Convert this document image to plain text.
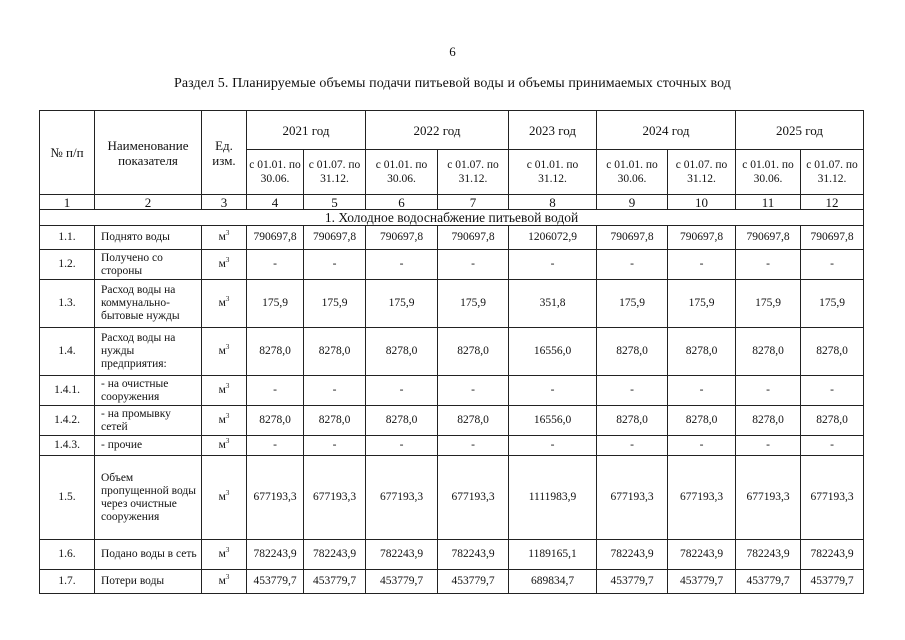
6
Раздел 5. Планируемые объемы подачи питьевой воды и объемы принимаемых сточных вод
№ п/п	Наименование показателя	Ед. изм.	2021 год		2022 год		2023 год	2024 год		2025 год	
			с 01.01. по 30.06.	с 01.07. по 31.12.	с 01.01. по 30.06.	с 01.07. по 31.12.	с 01.01. по 31.12.	с 01.01. по 30.06.	с 01.07. по 31.12.	с 01.01. по 30.06.	с 01.07. по 31.12.
1	2	3	4	5	6	7	8	9	10	11	12
1. Холодное водоснабжение питьевой водой											
1.1.	Поднято воды	$м^3$	790697,8	790697,8	790697,8	790697,8	1206072,9	790697,8	790697,8	790697,8	790697,8
1.2.	Получено со стороны	$м^3$	-	-	-	-	-	-	-	-	-
1.3.	Расход воды на коммунально-бытовые нужды	$м^3$	175,9	175,9	175,9	175,9	351,8	175,9	175,9	175,9	175,9
1.4.	Расход воды на нужды предприятия:	$м^3$	8278,0	8278,0	8278,0	8278,0	16556,0	8278,0	8278,0	8278,0	8278,0
1.4.1.	- на очистные сооружения	$м^3$	-	-	-	-	-	-	-	-	-
1.4.2.	- на промывку сетей	$м^3$	8278,0	8278,0	8278,0	8278,0	16556,0	8278,0	8278,0	8278,0	8278,0
1.4.3.	- прочие	$м^3$	-	-	-	-	-	-	-	-	-
1.5.	Объем пропущенной воды через очистные сооружения	$м^3$	677193,3	677193,3	677193,3	677193,3	1111983,9	677193,3	677193,3	677193,3	677193,3
1.6.	Подано воды в сеть	$м^3$	782243,9	782243,9	782243,9	782243,9	1189165,1	782243,9	782243,9	782243,9	782243,9
1.7.	Потери воды	$м^3$	453779,7	453779,7	453779,7	453779,7	689834,7	453779,7	453779,7	453779,7	453779,7
